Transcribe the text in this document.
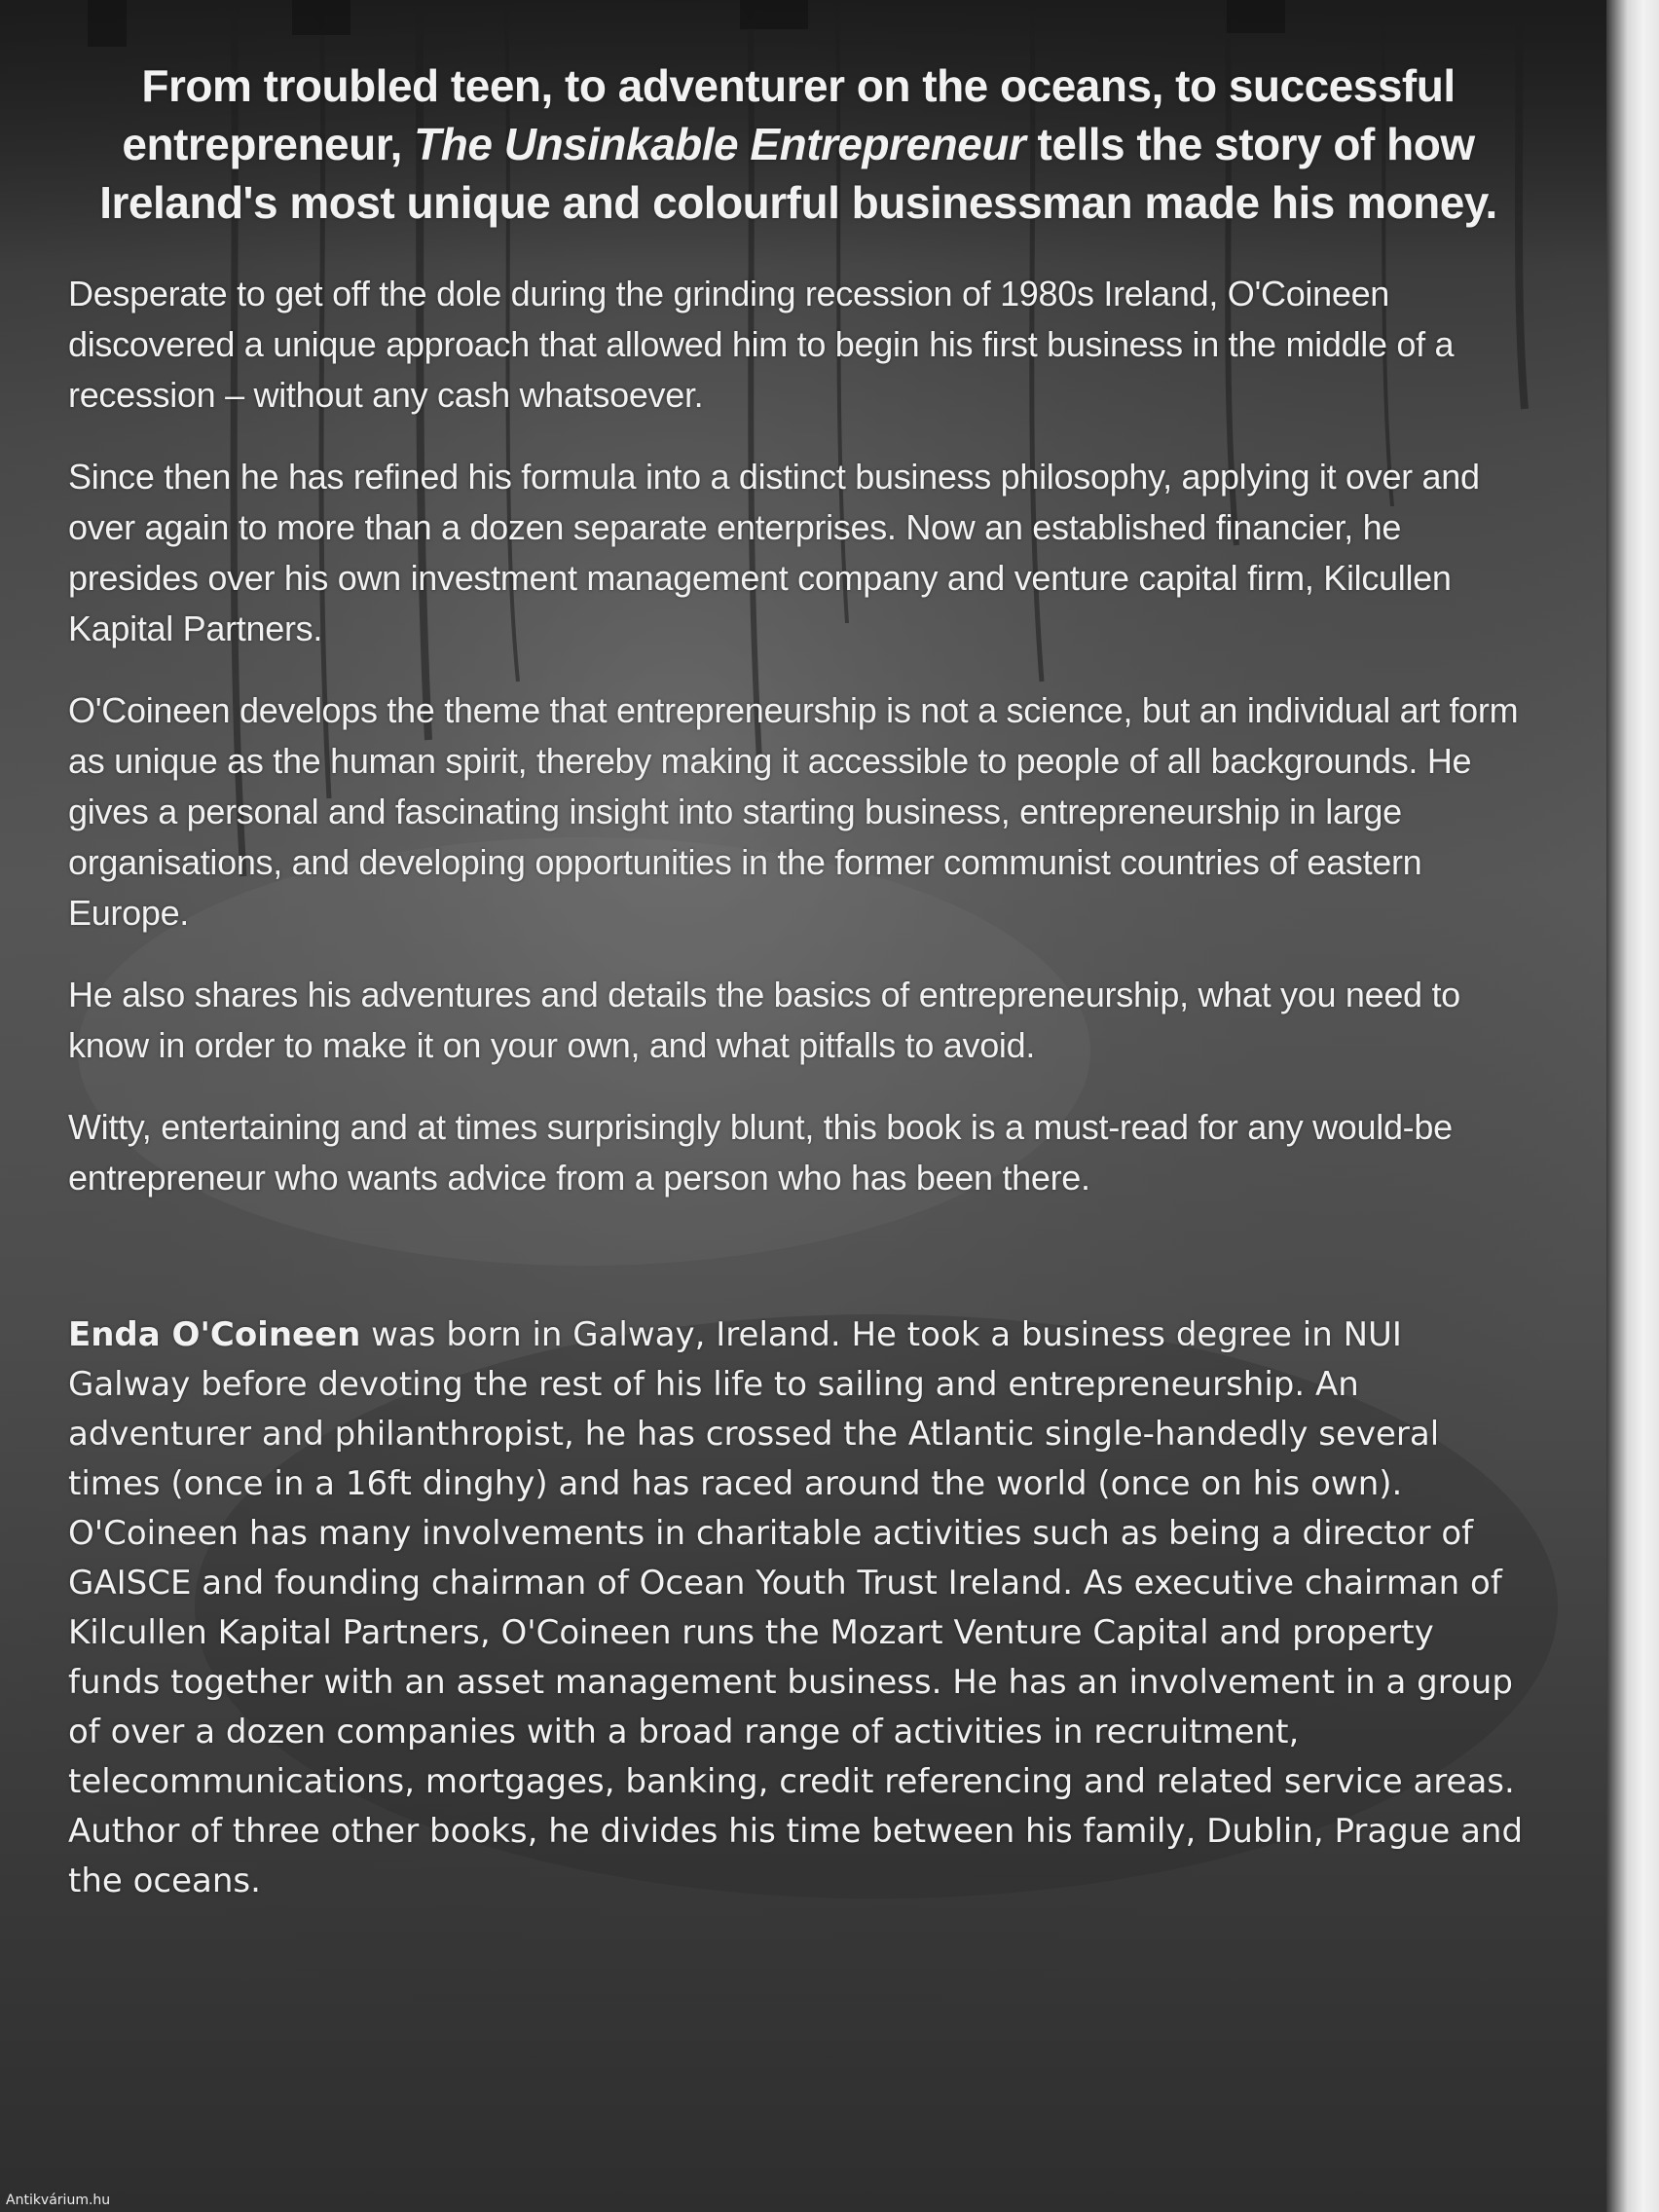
From troubled teen, to adventurer on the oceans, to successful entrepreneur, The Unsinkable Entrepreneur tells the story of how Ireland's most unique and colourful businessman made his money.

Desperate to get off the dole during the grinding recession of 1980s Ireland, O'Coineen discovered a unique approach that allowed him to begin his first business in the middle of a recession – without any cash whatsoever.

Since then he has refined his formula into a distinct business philosophy, applying it over and over again to more than a dozen separate enterprises. Now an established financier, he presides over his own investment management company and venture capital firm, Kilcullen Kapital Partners.

O'Coineen develops the theme that entrepreneurship is not a science, but an individual art form as unique as the human spirit, thereby making it accessible to people of all backgrounds. He gives a personal and fascinating insight into starting business, entrepreneurship in large organisations, and developing opportunities in the former communist countries of eastern Europe.

He also shares his adventures and details the basics of entrepreneurship, what you need to know in order to make it on your own, and what pitfalls to avoid.

Witty, entertaining and at times surprisingly blunt, this book is a must-read for any would-be entrepreneur who wants advice from a person who has been there.

Enda O'Coineen was born in Galway, Ireland. He took a business degree in NUI Galway before devoting the rest of his life to sailing and entrepreneurship. An adventurer and philanthropist, he has crossed the Atlantic single-handedly several times (once in a 16ft dinghy) and has raced around the world (once on his own). O'Coineen has many involvements in charitable activities such as being a director of GAISCE and founding chairman of Ocean Youth Trust Ireland. As executive chairman of Kilcullen Kapital Partners, O'Coineen runs the Mozart Venture Capital and property funds together with an asset management business. He has an involvement in a group of over a dozen companies with a broad range of activities in recruitment, telecommunications, mortgages, banking, credit referencing and related service areas. Author of three other books, he divides his time between his family, Dublin, Prague and the oceans.

Antikvárium.hu
